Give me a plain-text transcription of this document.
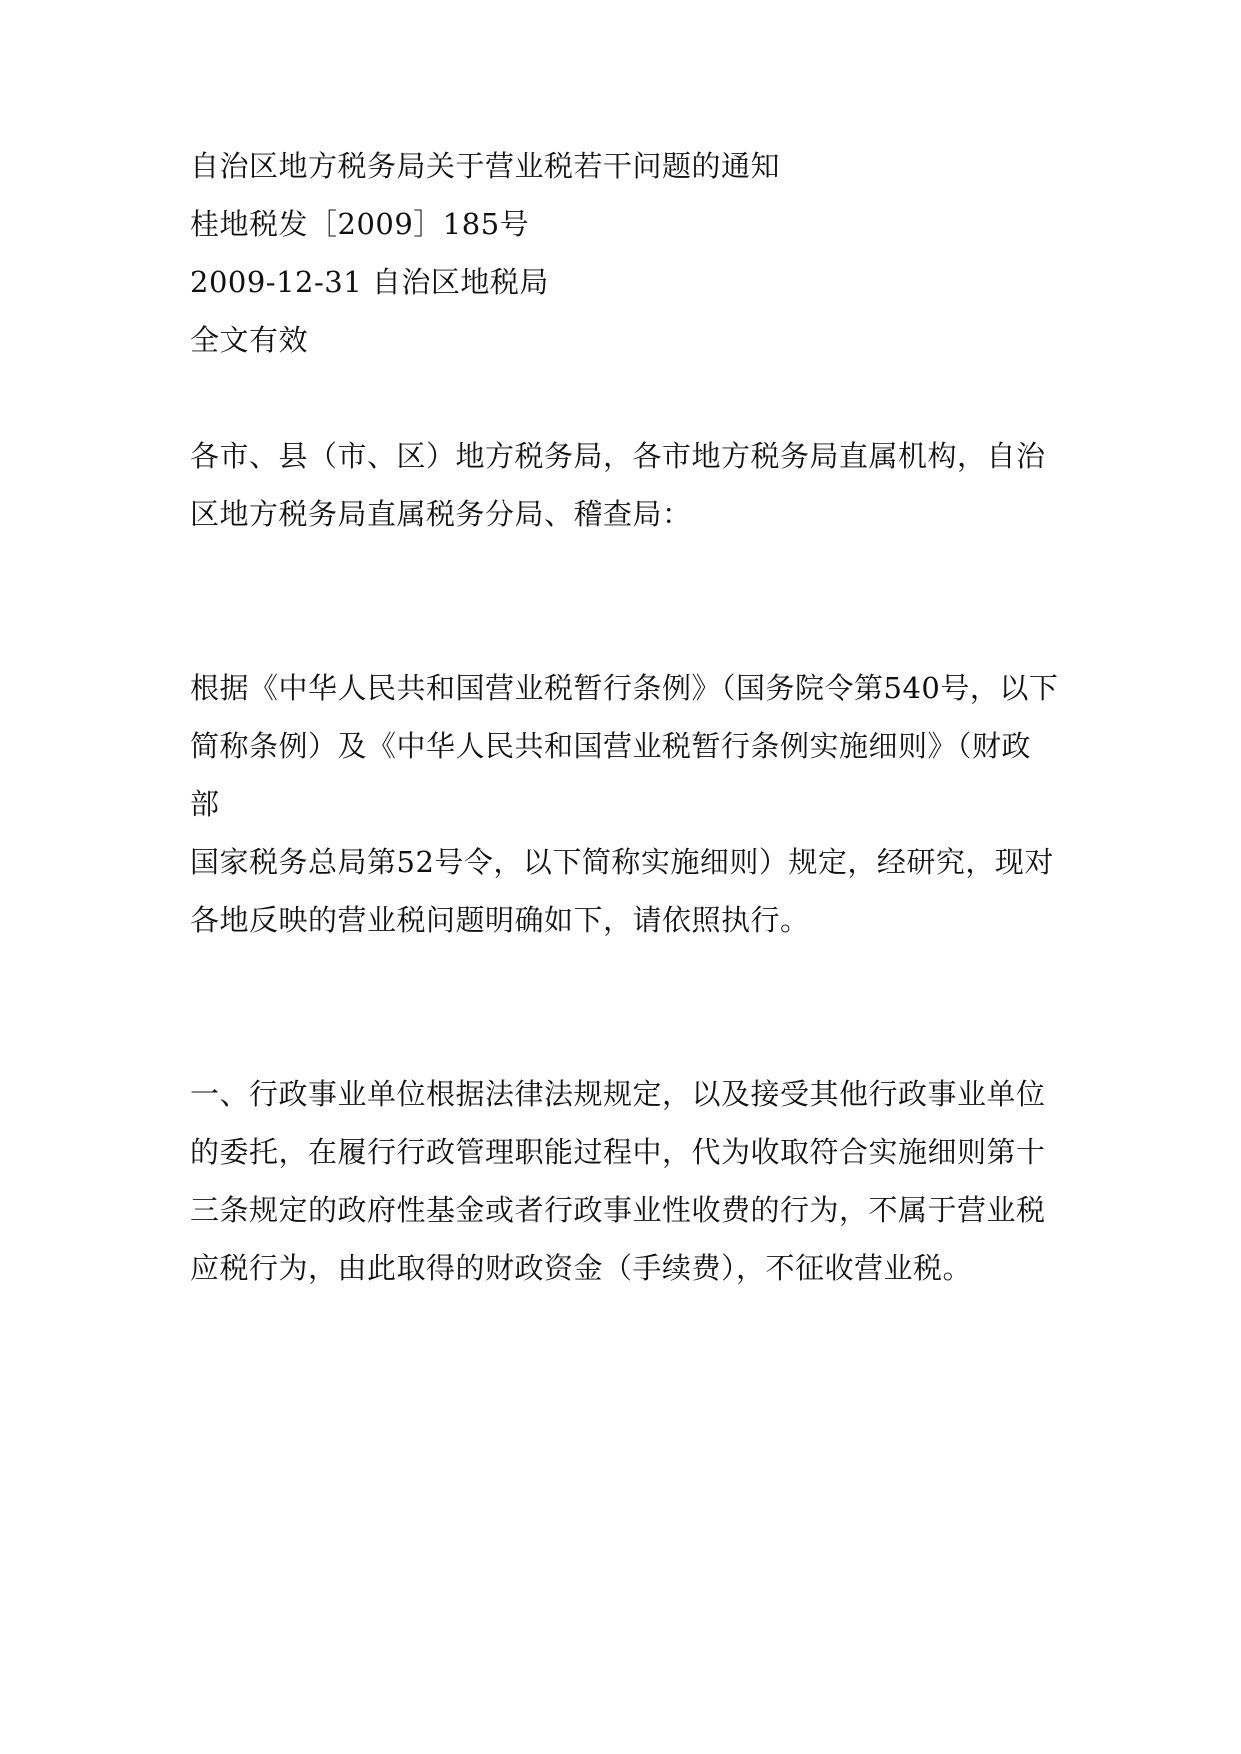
自治区地方税务局关于营业税若干问题的通知
桂地税发［2009］185号
2009-12-31 自治区地税局
全文有效
各市、县（市、区）地方税务局，各市地方税务局直属机构，自治
区地方税务局直属税务分局、稽查局：
根据《中华人民共和国营业税暂行条例》（国务院令第540号，以下
简称条例）及《中华人民共和国营业税暂行条例实施细则》（财政
部
国家税务总局第52号令，以下简称实施细则）规定，经研究，现对
各地反映的营业税问题明确如下，请依照执行。
一、行政事业单位根据法律法规规定，以及接受其他行政事业单位
的委托，在履行行政管理职能过程中，代为收取符合实施细则第十
三条规定的政府性基金或者行政事业性收费的行为，不属于营业税
应税行为，由此取得的财政资金（手续费），不征收营业税。
